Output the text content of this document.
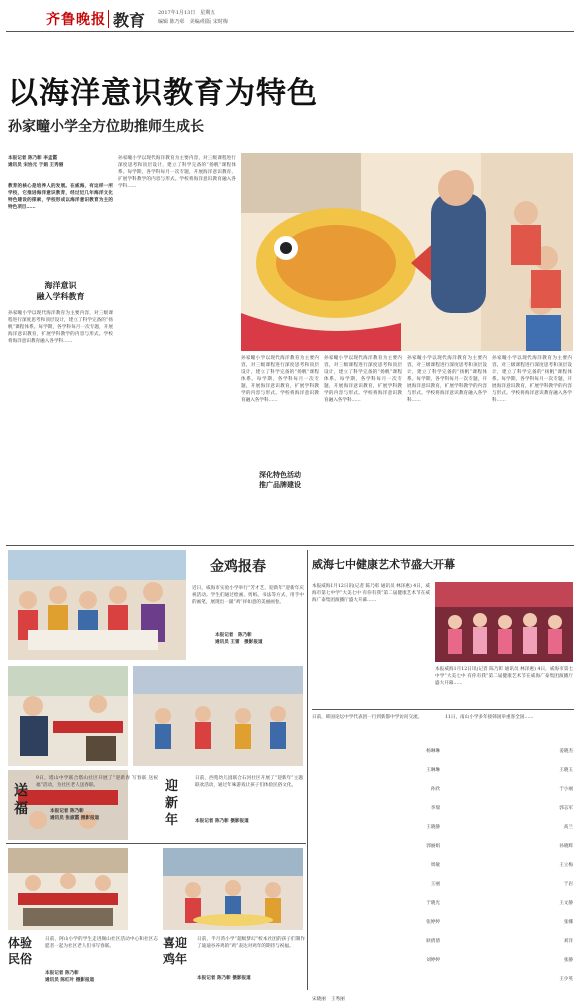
齐鲁晚报 教育	2017年1月13日　星期五
编辑 陈乃彰　美编/组版 宋时梅
以海洋意识教育为特色
孙家疃小学全方位助推师生成长
本报记者 陈乃彰 李孟霞
通讯员 宋协元 于娟 王秀丽
教育的核心是培养人的发展。在威海，有这样一所学校，它推进海洋意识教育，经过近几年海洋文化特色建设的探索，学校形成以海洋意识教育为主的特色项目……
海洋意识
融入学科教育
孙家疃小学以现代海洋教育为主要内容，对三级课程进行深度思考和顶层设计，建立了科学完备的“扬帆”课程体系。每学期，各学科每月一次专题，开展海洋意识教育，扩展学科教学的内容与形式。学校将海洋意识教育融入各学科……
孙家疃小学以现代海洋教育为主要内容，对三级课程进行深度思考和顶层设计，建立了科学完备的“扬帆”课程体系。每学期，各学科每月一次专题，开展海洋意识教育，扩展学科教学的内容与形式。学校将海洋意识教育融入各学科……
孙家疃小学以现代海洋教育为主要内容，对三级课程进行深度思考和顶层设计，建立了科学完备的“扬帆”课程体系。每学期，各学科每月一次专题，开展海洋意识教育，扩展学科教学的内容与形式。学校将海洋意识教育融入各学科……
孙家疃小学以现代海洋教育为主要内容，对三级课程进行深度思考和顶层设计，建立了科学完备的“扬帆”课程体系。每学期，各学科每月一次专题，开展海洋意识教育，扩展学科教学的内容与形式。学校将海洋意识教育融入各学科……
孙家疃小学以现代海洋教育为主要内容，对三级课程进行深度思考和顶层设计，建立了科学完备的“扬帆”课程体系。每学期，各学科每月一次专题，开展海洋意识教育，扩展学科教学的内容与形式。学校将海洋意识教育融入各学科……
孙家疃小学以现代海洋教育为主要内容，对三级课程进行深度思考和顶层设计，建立了科学完备的“扬帆”课程体系。每学期，各学科每月一次专题，开展海洋意识教育，扩展学科教学的内容与形式。学校将海洋意识教育融入各学科……
深化特色活动
推广品牌建设
金鸡报春
近日，威海市实验小学举行“芳才艺，迎新年”迎新年庆祝活动。学生们通过绘画、剪纸、书法等方式，用手中的画笔，展现出一副“鸡”祥如意的美丽画卷。
本报记者　陈乃彰
通讯员 王雷　摄影报道
威海七中健康艺术节盛大开幕
本报威海1月12日讯(记者 陈乃彰 通讯员 林泽惠) 4日，威海市第七中学“大美七中 有你有我”第二届健康艺术节在威海广泰集团演播厅盛大开幕……
本报威海1月12日讯(记者 陈乃彰 通讯员 林泽惠) 4日，威海市第七中学“大美七中 有你有我”第二届健康艺术节在威海广泰集团演播厅盛大开幕……
9日，塔山中学联合塔山社区开展了“迎新春 写春联 送祝福”活动，为社区老人送春联。
本报记者 陈乃彰
通讯员 张淑霞 摄影报道
送福
迎新年
日前，西苑幼儿园联合石河社区开展了“迎新年”主题联欢活动，通过年味游戏让孩子们体验民俗文化。
本报记者 陈乃彰 摄影报道
体验民俗
日前，阿山小学的学生走进阁山社区活动中心和社区志愿者一起为社区老人们书写春联。
本报记者 陈乃彰
通讯员 陈红叶 摄影报道
喜迎鸡年
日前，半月湾小学“超级梦幻”校本社团的孩子们制作了迪迪谷养鸡的“鸡”表达对鸡年的期待与祝福。
本报记者 陈乃彰 摄影报道
日前，韩国论坛中学代表团一行到新都中学访问交流。
杨琳琳
王琳琳
孙欣
李瑞
王晓静
郭丽娟
周敏
王丽
于晓光
张婷婷
耿倩倩
刘婷婷
11日，南山小学多年接韩国举重客全国……
姜晓杰
王晓玉
于小丽
郭志军
高兰
孙晓辉
王立梅
于岩
王文静
张娜
刘洋
张静
王少英
宋晓丽 王秀丽
